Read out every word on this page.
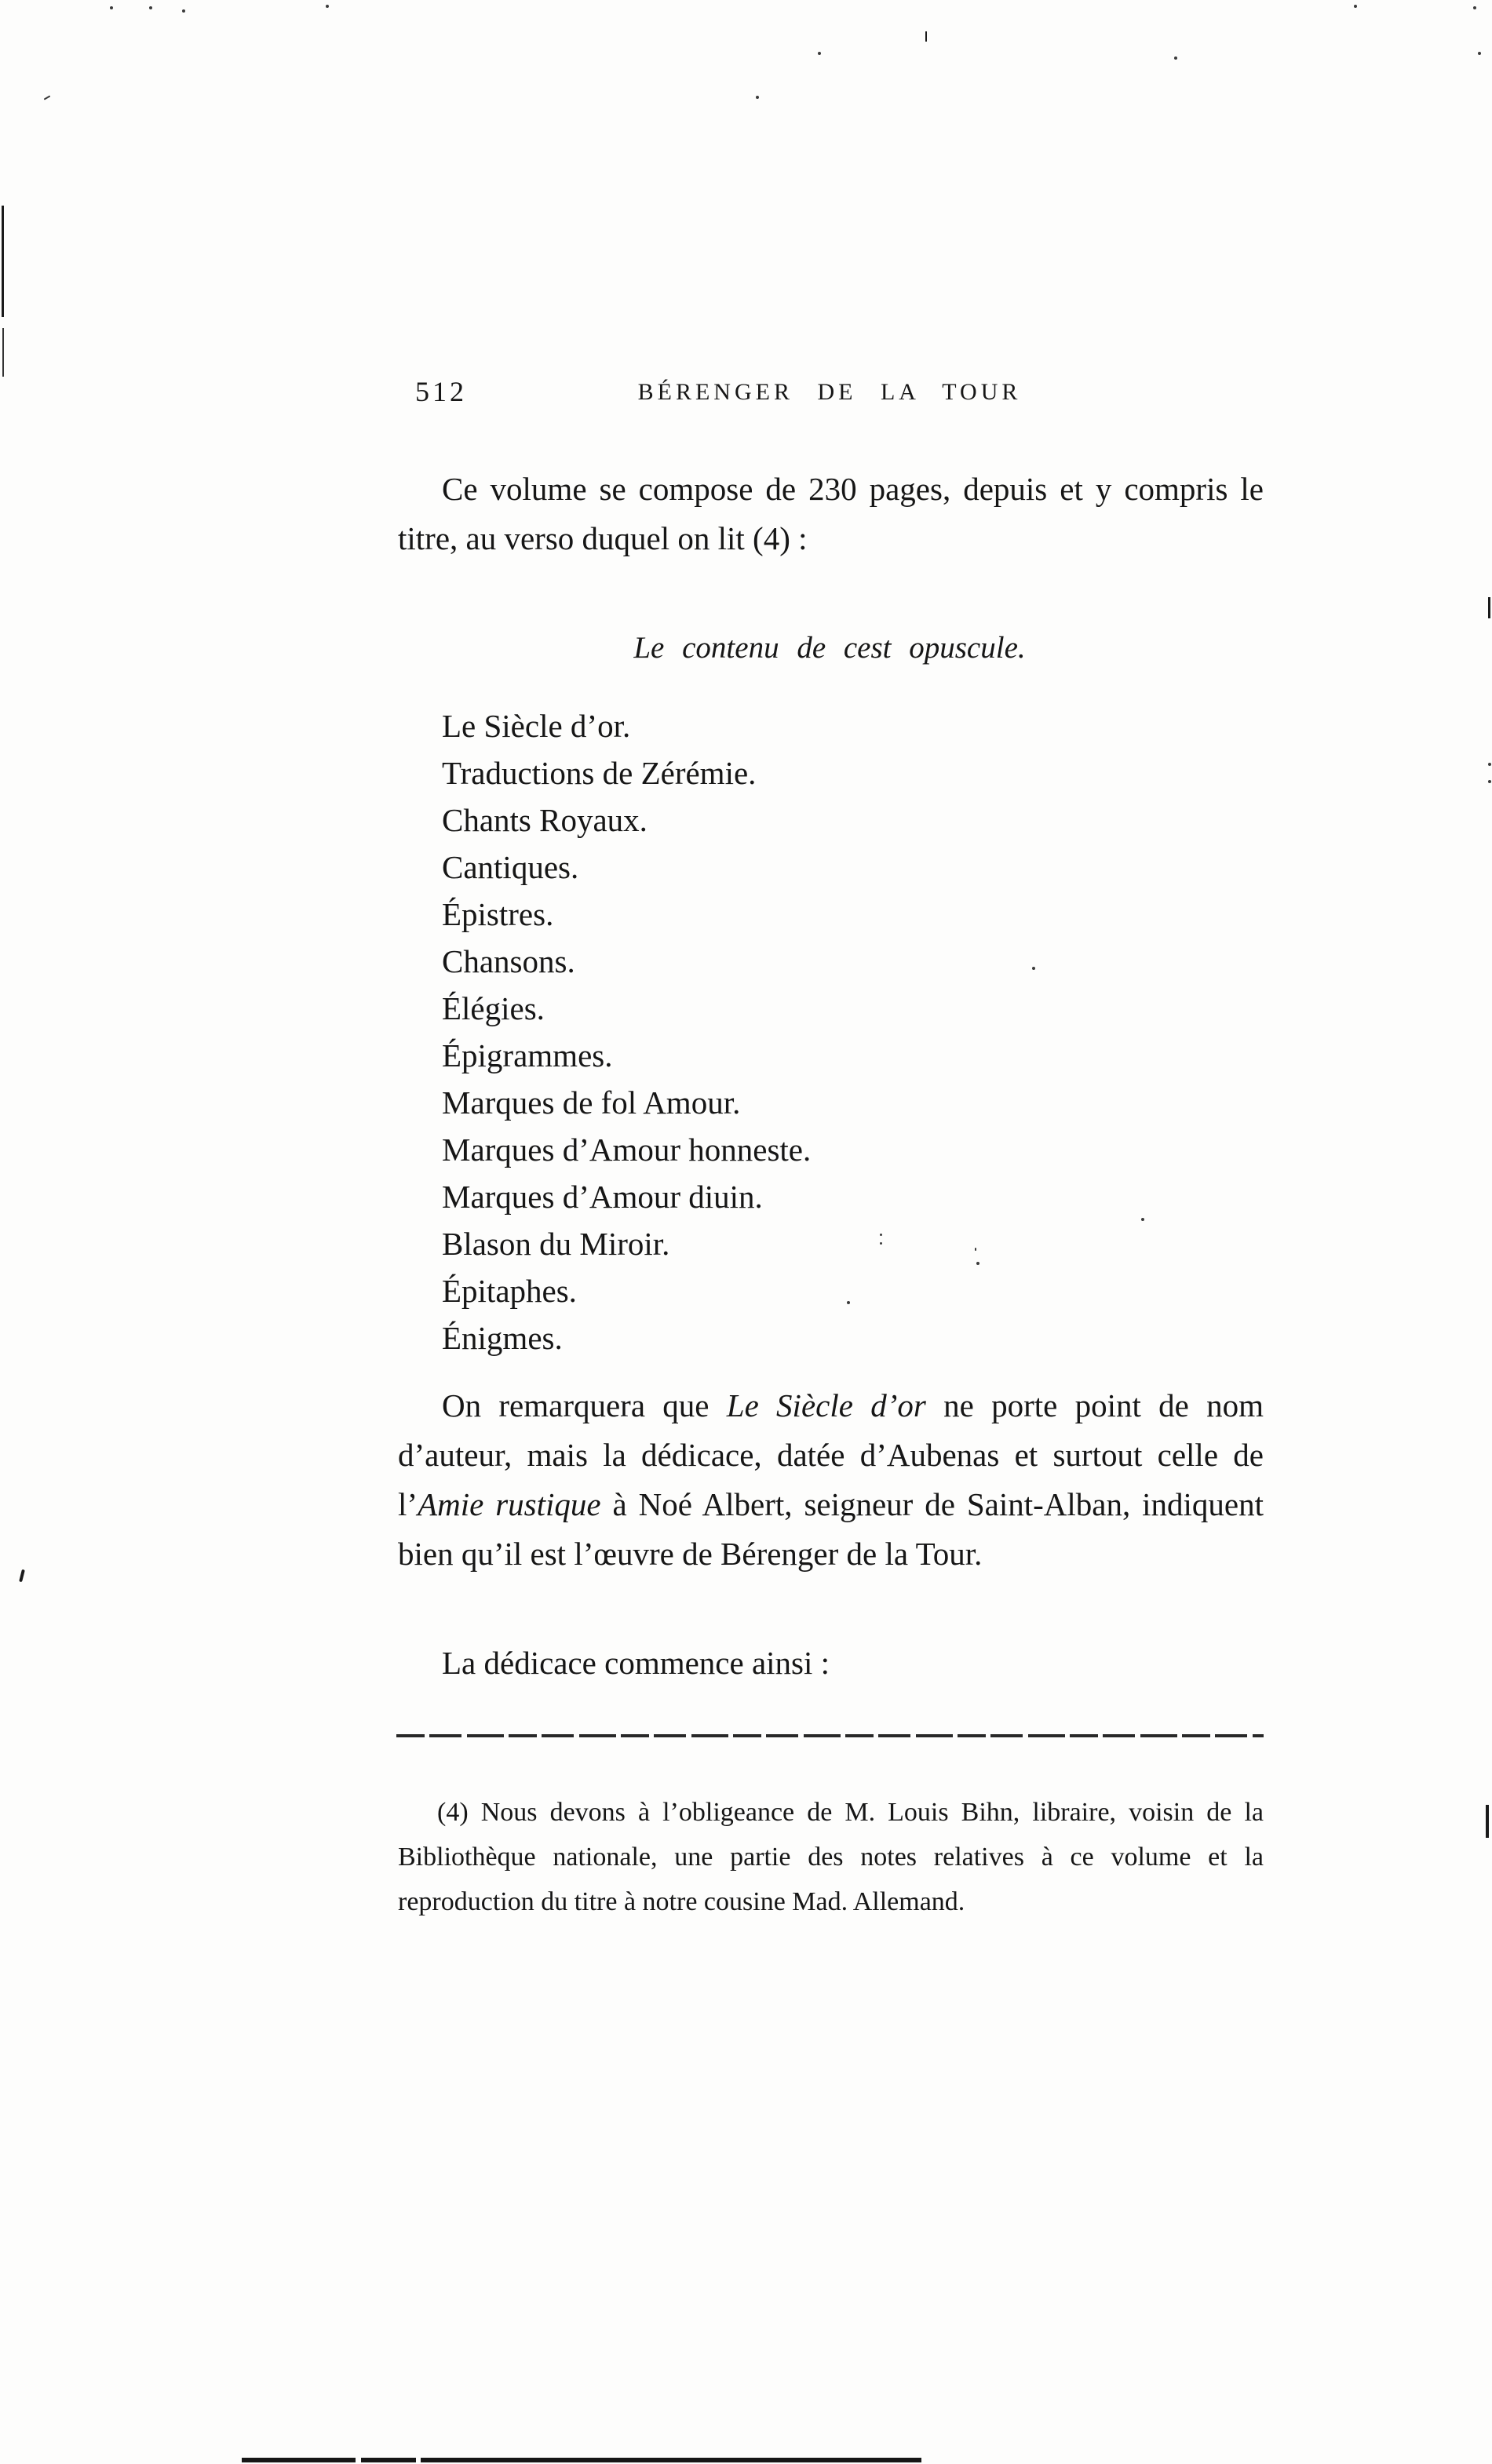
512	BÉRENGER DE LA TOUR

Ce volume se compose de 230 pages, depuis et y compris le titre, au verso duquel on lit (4) :

Le contenu de cest opuscule.
Le Siècle d’or.
Traductions de Zérémie.
Chants Royaux.
Cantiques.
Épistres.
Chansons.
Élégies.
Épigrammes.
Marques de fol Amour.
Marques d’Amour honneste.
Marques d’Amour diuin.
Blason du Miroir.
Épitaphes.
Énigmes.

On remarquera que Le Siècle d’or ne porte point de nom d’auteur, mais la dédicace, datée d’Aubenas et surtout celle de l’Amie rustique à Noé Albert, seigneur de Saint-Alban, indiquent bien qu’il est l’œuvre de Bérenger de la Tour.

La dédicace commence ainsi :

(4) Nous devons à l’obligeance de M. Louis Bihn, libraire, voisin de la Bibliothèque nationale, une partie des notes relatives à ce volume et la reproduction du titre à notre cousine Mad. Allemand.
